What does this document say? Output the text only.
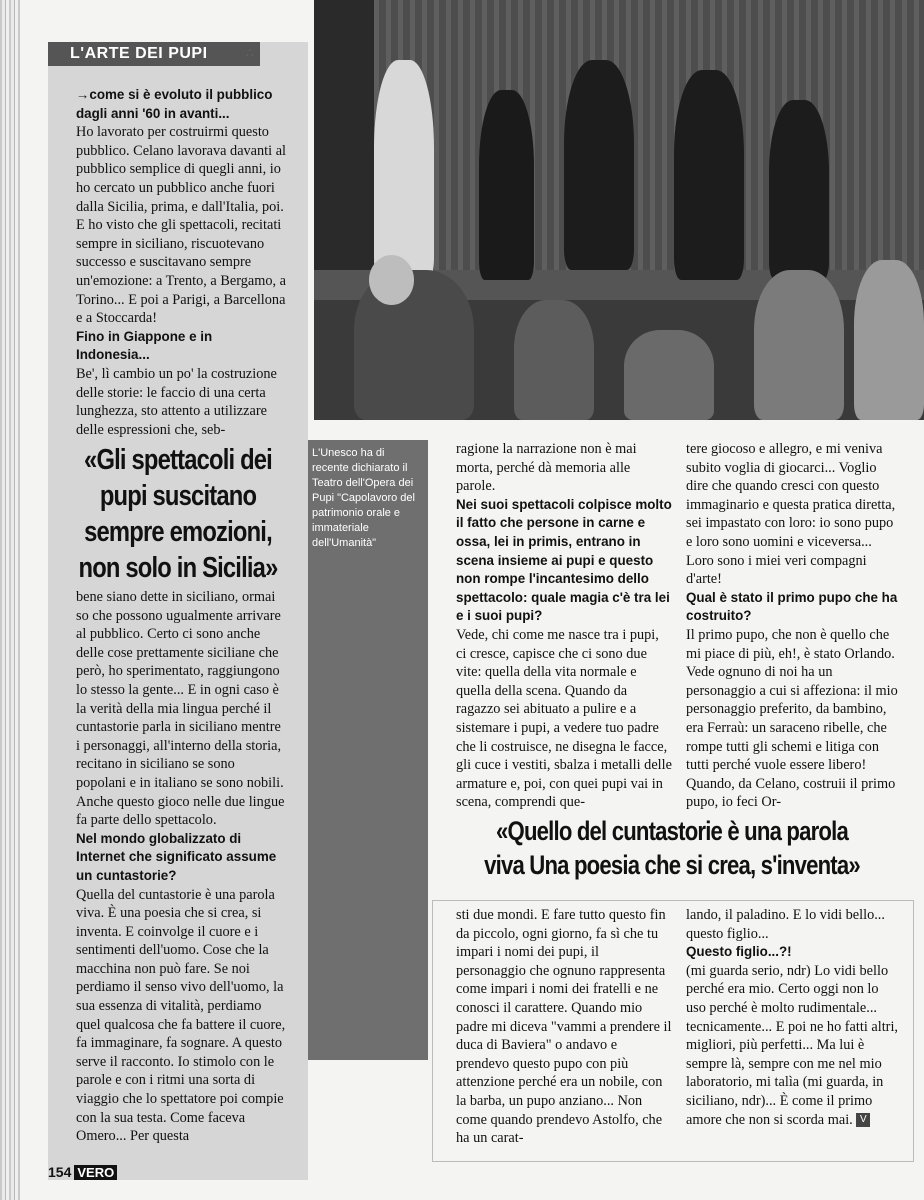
L'ARTE DEI PUPI	∴
→come si è evoluto il pubblico dagli anni '60 in avanti...
Ho lavorato per costruirmi questo pubblico. Celano lavorava davanti al pubblico semplice di quegli anni, io ho cercato un pubblico anche fuori dalla Sicilia, prima, e dall'Italia, poi. E ho visto che gli spettacoli, recitati sempre in siciliano, riscuotevano successo e suscitavano sempre un'emozione: a Trento, a Bergamo, a Torino... E poi a Parigi, a Barcellona e a Stoccarda!
Fino in Giappone e in Indonesia...
Be', lì cambio un po' la costruzione delle storie: le faccio di una certa lunghezza, sto attento a utilizzare delle espressioni che, seb-
«Gli spettacoli dei pupi suscitano sempre emozioni, non solo in Sicilia»
bene siano dette in siciliano, ormai so che possono ugualmente arrivare al pubblico. Certo ci sono anche delle cose prettamente siciliane che però, ho sperimentato, raggiungono lo stesso la gente... E in ogni caso è la verità della mia lingua perché il cuntastorie parla in siciliano mentre i personaggi, all'interno della storia, recitano in siciliano se sono popolani e in italiano se sono nobili. Anche questo gioco nelle due lingue fa parte dello spettacolo.
Nel mondo globalizzato di Internet che significato assume un cuntastorie?
Quella del cuntastorie è una parola viva. È una poesia che si crea, si inventa. E coinvolge il cuore e i sentimenti dell'uomo. Cose che la macchina non può fare. Se noi perdiamo il senso vivo dell'uomo, la sua essenza di vitalità, perdiamo quel qualcosa che fa battere il cuore, fa immaginare, fa sognare. A questo serve il racconto. Io stimolo con le parole e con i ritmi una sorta di viaggio che lo spettatore poi compie con la sua testa. Come faceva Omero... Per questa
L'Unesco ha di recente dichiarato il Teatro dell'Opera dei Pupi "Capolavoro del patrimonio orale e immateriale dell'Umanità"
ragione la narrazione non è mai morta, perché dà memoria alle parole.
Nei suoi spettacoli colpisce molto il fatto che persone in carne e ossa, lei in primis, entrano in scena insieme ai pupi e questo non rompe l'incantesimo dello spettacolo: quale magia c'è tra lei e i suoi pupi?
Vede, chi come me nasce tra i pupi, ci cresce, capisce che ci sono due vite: quella della vita normale e quella della scena. Quando da ragazzo sei abituato a pulire e a sistemare i pupi, a vedere tuo padre che li costruisce, ne disegna le facce, gli cuce i vestiti, sbalza i metalli delle armature e, poi, con quei pupi vai in scena, comprendi que-
tere giocoso e allegro, e mi veniva subito voglia di giocarci... Voglio dire che quando cresci con questo immaginario e questa pratica diretta, sei impastato con loro: io sono pupo e loro sono uomini e viceversa... Loro sono i miei veri compagni d'arte!
Qual è stato il primo pupo che ha costruito?
Il primo pupo, che non è quello che mi piace di più, eh!, è stato Orlando. Vede ognuno di noi ha un personaggio a cui si affeziona: il mio personaggio preferito, da bambino, era Ferraù: un saraceno ribelle, che rompe tutti gli schemi e litiga con tutti perché vuole essere libero! Quando, da Celano, costruii il primo pupo, io feci Or-
«Quello del cuntastorie è una parola viva Una poesia che si crea, s'inventa»
sti due mondi. E fare tutto questo fin da piccolo, ogni giorno, fa sì che tu impari i nomi dei pupi, il personaggio che ognuno rappresenta come impari i nomi dei fratelli e ne conosci il carattere. Quando mio padre mi diceva "vammi a prendere il duca di Baviera" o andavo e prendevo questo pupo con più attenzione perché era un nobile, con la barba, un pupo anziano... Non come quando prendevo Astolfo, che ha un carat-
lando, il paladino. E lo vidi bello... questo figlio...
Questo figlio...?!
(mi guarda serio, ndr) Lo vidi bello perché era mio. Certo oggi non lo uso perché è molto rudimentale... tecnicamente... E poi ne ho fatti altri, migliori, più perfetti... Ma lui è sempre là, sempre con me nel mio laboratorio, mi talìa (mi guarda, in siciliano, ndr)... È come il primo amore che non si scorda mai. V
154 VERO
